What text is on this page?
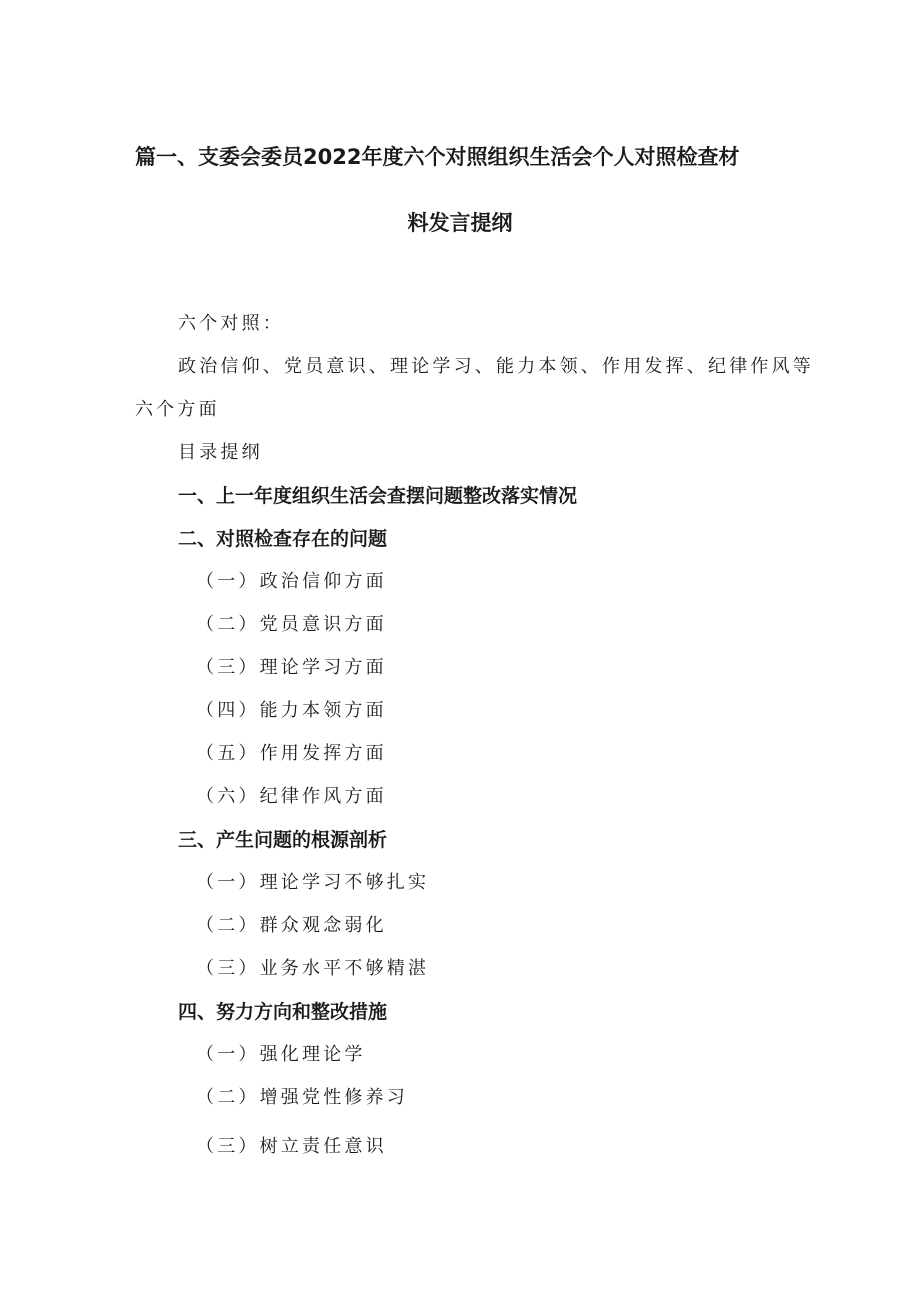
篇一、支委会委员2022年度六个对照组织生活会个人对照检查材
料发言提纲
六个对照：
政治信仰、党员意识、理论学习、能力本领、作用发挥、纪律作风等
六个方面
目录提纲
一、上一年度组织生活会查摆问题整改落实情况
二、对照检查存在的问题
（一）政治信仰方面
（二）党员意识方面
（三）理论学习方面
（四）能力本领方面
（五）作用发挥方面
（六）纪律作风方面
三、产生问题的根源剖析
（一）理论学习不够扎实
（二）群众观念弱化
（三）业务水平不够精湛
四、努力方向和整改措施
（一）强化理论学
（二）增强党性修养习
（三）树立责任意识
